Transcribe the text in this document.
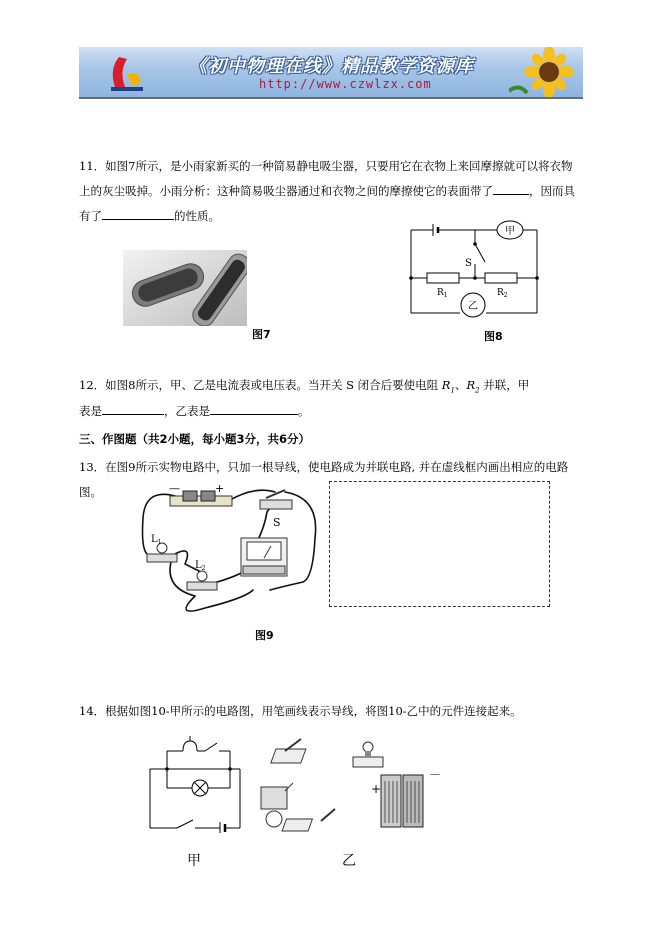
《初中物理在线》精品教学资源库
http://www.czwlzx.com
11．如图7所示，是小雨家新买的一种简易静电吸尘器，只要用它在衣物上来回摩擦就可以将衣物
上的灰尘吸掉。小雨分析：这种简易吸尘器通过和衣物之间的摩擦使它的表面带了	，因而具
有了	的性质。
图7
甲
乙
S
$R_1$	$R_2$
图8
12．如图8所示，甲、乙是电流表或电压表。当开关 S 闭合后要使电阻 $R_1$、$R_2$ 并联，甲
表是	，乙表是	。
三、作图题（共2小题，每小题3分，共6分）
13．在图9所示实物电路中，只加一根导线，使电路成为并联电路, 并在虚线框内画出相应的电路
图。	—	+
S
$L_1$
$L_2$
图9
14．根据如图10-甲所示的电路图，用笔画线表示导线，将图10-乙中的元件连接起来。
甲
+
－
乙
